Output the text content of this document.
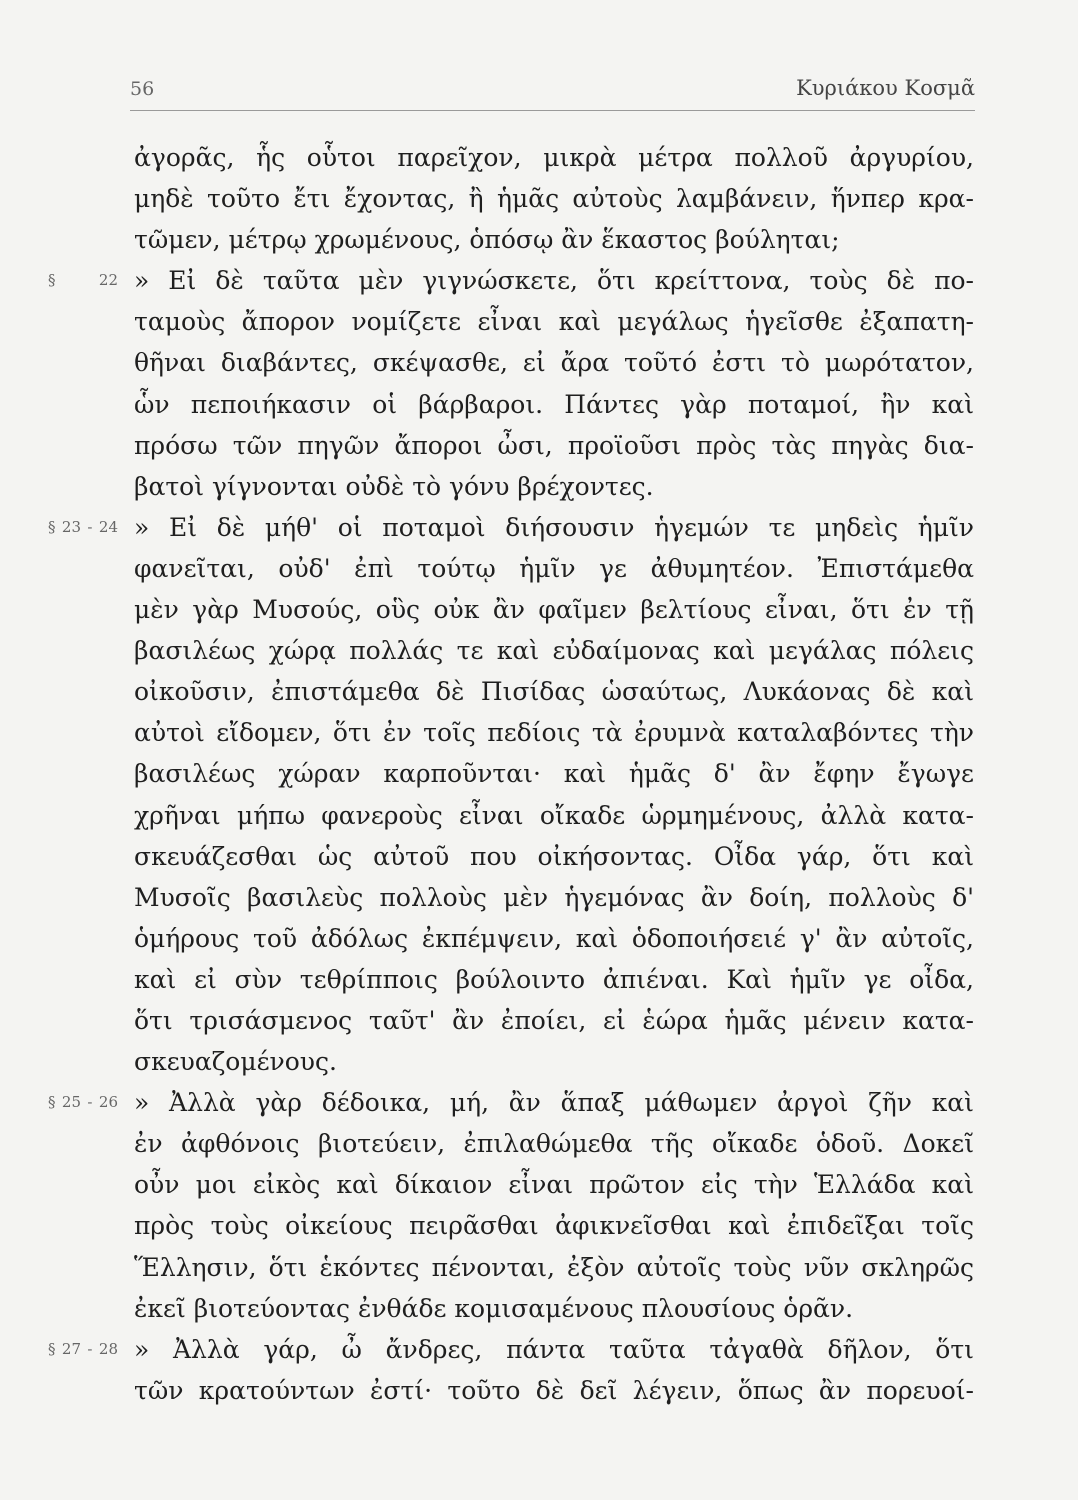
56	Κυριάκου Κοσμᾶ
ἀγορᾶς, ἧς οὗτοι παρεῖχον, μικρὰ μέτρα πολλοῦ ἀργυρίου,
μηδὲ τοῦτο ἔτι ἔχοντας, ἢ ἡμᾶς αὐτοὺς λαμβάνειν, ἥνπερ κρα-
τῶμεν, μέτρῳ χρωμένους, ὁπόσῳ ἂν ἕκαστος βούληται;
§ 22 » Εἰ δὲ ταῦτα μὲν γιγνώσκετε, ὅτι κρείττονα, τοὺς δὲ πο-
ταμοὺς ἄπορον νομίζετε εἶναι καὶ μεγάλως ἡγεῖσθε ἐξαπατη-
θῆναι διαβάντες, σκέψασθε, εἰ ἄρα τοῦτό ἐστι τὸ μωρότατον,
ὧν πεποιήκασιν οἱ βάρβαροι. Πάντες γὰρ ποταμοί, ἢν καὶ
πρόσω τῶν πηγῶν ἄποροι ὦσι, προϊοῦσι πρὸς τὰς πηγὰς δια-
βατοὶ γίγνονται οὐδὲ τὸ γόνυ βρέχοντες.
§ 23 - 24 » Εἰ δὲ μήθ' οἱ ποταμοὶ διήσουσιν ἡγεμών τε μηδεὶς ἡμῖν
φανεῖται, οὐδ' ἐπὶ τούτῳ ἡμῖν γε ἀθυμητέον. Ἐπιστάμεθα
μὲν γὰρ Μυσούς, οὓς οὐκ ἂν φαῖμεν βελτίους εἶναι, ὅτι ἐν τῇ
βασιλέως χώρᾳ πολλάς τε καὶ εὐδαίμονας καὶ μεγάλας πόλεις
οἰκοῦσιν, ἐπιστάμεθα δὲ Πισίδας ὡσαύτως, Λυκάονας δὲ καὶ
αὐτοὶ εἴδομεν, ὅτι ἐν τοῖς πεδίοις τὰ ἐρυμνὰ καταλαβόντες τὴν
βασιλέως χώραν καρποῦνται· καὶ ἡμᾶς δ' ἂν ἔφην ἔγωγε
χρῆναι μήπω φανεροὺς εἶναι οἴκαδε ὡρμημένους, ἀλλὰ κατα-
σκευάζεσθαι ὡς αὐτοῦ που οἰκήσοντας. Οἶδα γάρ, ὅτι καὶ
Μυσοῖς βασιλεὺς πολλοὺς μὲν ἡγεμόνας ἂν δοίη, πολλοὺς δ'
ὁμήρους τοῦ ἀδόλως ἐκπέμψειν, καὶ ὁδοποιήσειέ γ' ἂν αὐτοῖς,
καὶ εἰ σὺν τεθρίπποις βούλοιντο ἀπιέναι. Καὶ ἡμῖν γε οἶδα,
ὅτι τρισάσμενος ταῦτ' ἂν ἐποίει, εἰ ἑώρα ἡμᾶς μένειν κατα-
σκευαζομένους.
§ 25 - 26 » Ἀλλὰ γὰρ δέδοικα, μή, ἂν ἅπαξ μάθωμεν ἀργοὶ ζῆν καὶ
ἐν ἀφθόνοις βιοτεύειν, ἐπιλαθώμεθα τῆς οἴκαδε ὁδοῦ. Δοκεῖ
οὖν μοι εἰκὸς καὶ δίκαιον εἶναι πρῶτον εἰς τὴν Ἑλλάδα καὶ
πρὸς τοὺς οἰκείους πειρᾶσθαι ἀφικνεῖσθαι καὶ ἐπιδεῖξαι τοῖς
Ἕλλησιν, ὅτι ἑκόντες πένονται, ἐξὸν αὐτοῖς τοὺς νῦν σκληρῶς
ἐκεῖ βιοτεύοντας ἐνθάδε κομισαμένους πλουσίους ὁρᾶν.
§ 27 - 28 » Ἀλλὰ γάρ, ὦ ἄνδρες, πάντα ταῦτα τἀγαθὰ δῆλον, ὅτι
τῶν κρατούντων ἐστί· τοῦτο δὲ δεῖ λέγειν, ὅπως ἂν πορευοί-
